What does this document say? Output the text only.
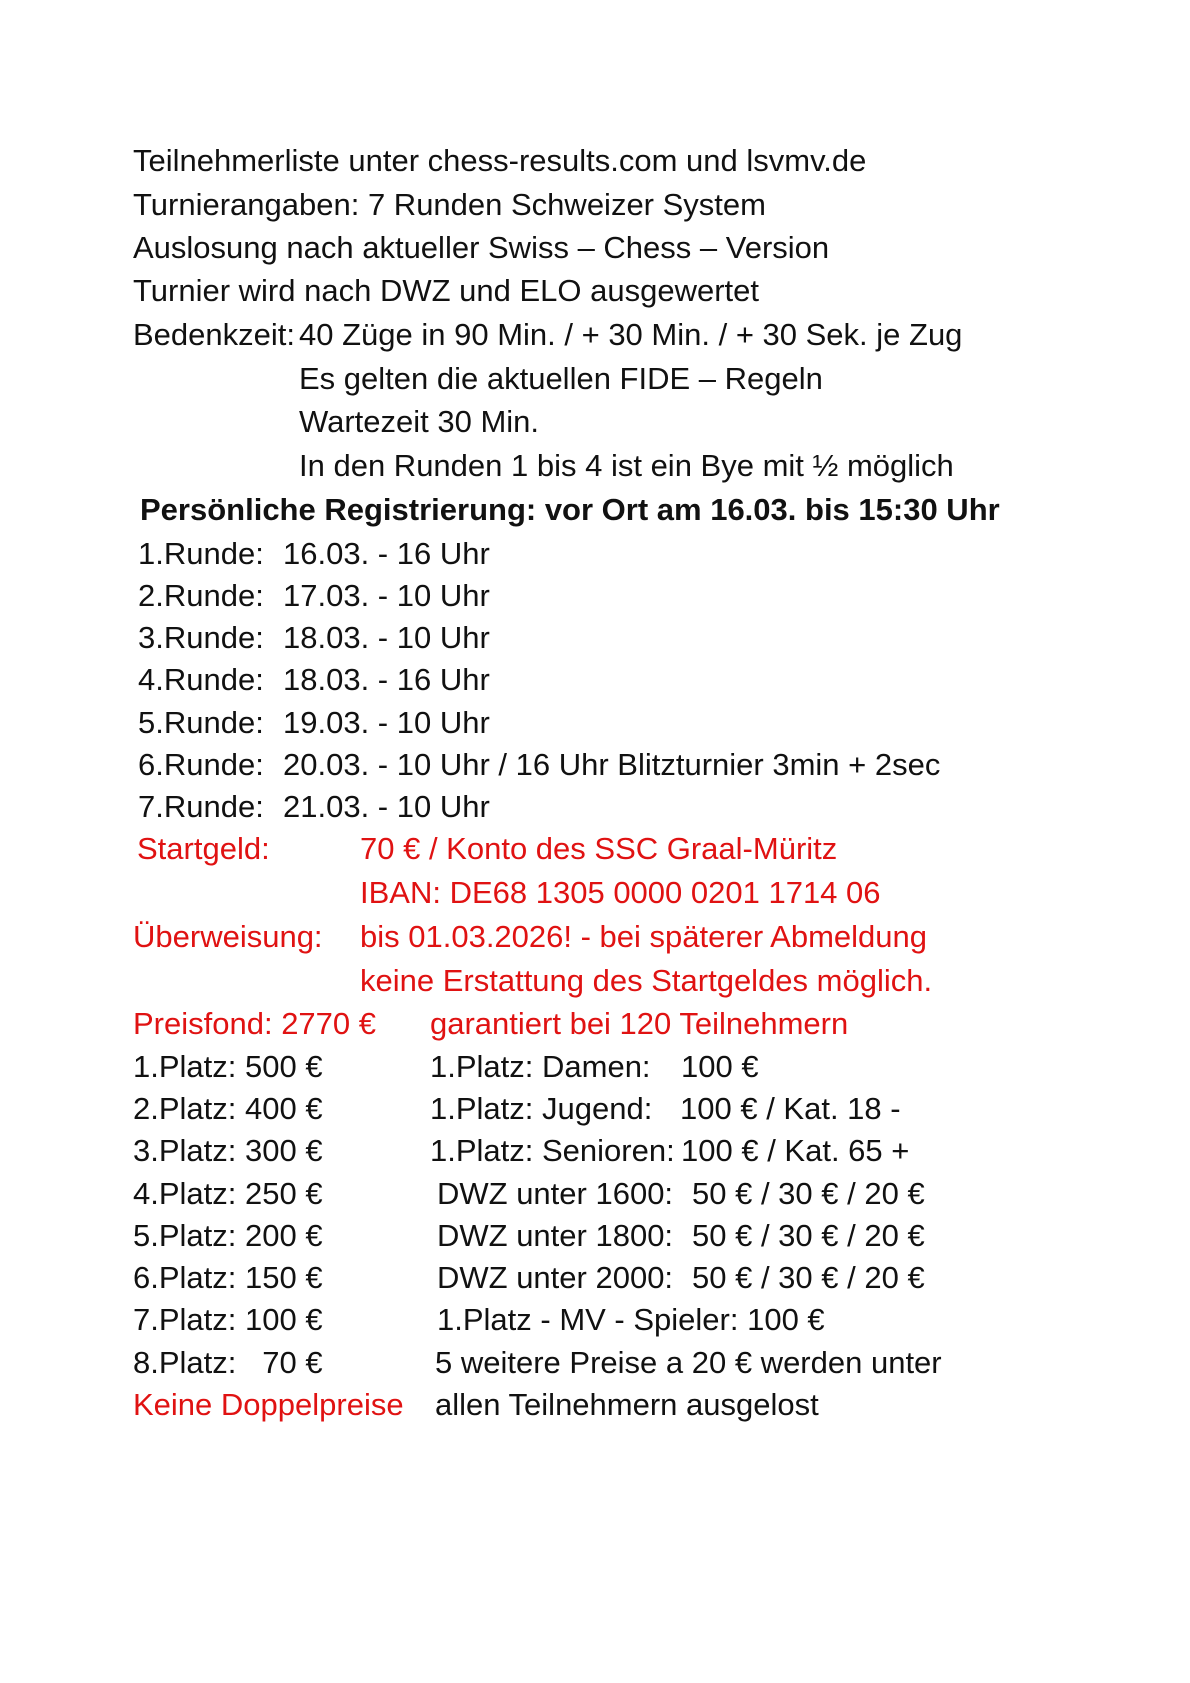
Teilnehmerliste unter chess-results.com und lsvmv.de
Turnierangaben: 7 Runden Schweizer System
Auslosung nach aktueller Swiss – Chess – Version
Turnier wird nach DWZ und ELO ausgewertet
Bedenkzeit: 40 Züge in 90 Min. / + 30 Min. / + 30 Sek. je Zug
Es gelten die aktuellen FIDE – Regeln
Wartezeit 30 Min.
In den Runden 1 bis 4 ist ein Bye mit ½ möglich
Persönliche Registrierung: vor Ort am 16.03. bis 15:30 Uhr
1.Runde: 16.03. - 16 Uhr
2.Runde: 17.03. - 10 Uhr
3.Runde: 18.03. - 10 Uhr
4.Runde: 18.03. - 16 Uhr
5.Runde: 19.03. - 10 Uhr
6.Runde: 20.03. - 10 Uhr / 16 Uhr Blitzturnier 3min + 2sec
7.Runde: 21.03. - 10 Uhr
Startgeld:	70 € / Konto des SSC Graal-Müritz
IBAN: DE68 1305 0000 0201 1714 06
Überweisung: bis 01.03.2026! - bei späterer Abmeldung
keine Erstattung des Startgeldes möglich.
Preisfond: 2770 € garantiert bei 120 Teilnehmern
1.Platz: 500 €
2.Platz: 400 €
3.Platz: 300 €
4.Platz: 250 €
5.Platz: 200 €
6.Platz: 150 €
7.Platz: 100 €
8.Platz:   70 €
Keine Doppelpreise
1.Platz: Damen: 100 €
1.Platz: Jugend: 100 € / Kat. 18 -
1.Platz: Senioren: 100 € / Kat. 65 +
DWZ unter 1600: 50 € / 30 € / 20 €
DWZ unter 1800: 50 € / 30 € / 20 €
DWZ unter 2000: 50 € / 30 € / 20 €
1.Platz - MV - Spieler: 100 €
5 weitere Preise a 20 € werden unter
allen Teilnehmern ausgelost
